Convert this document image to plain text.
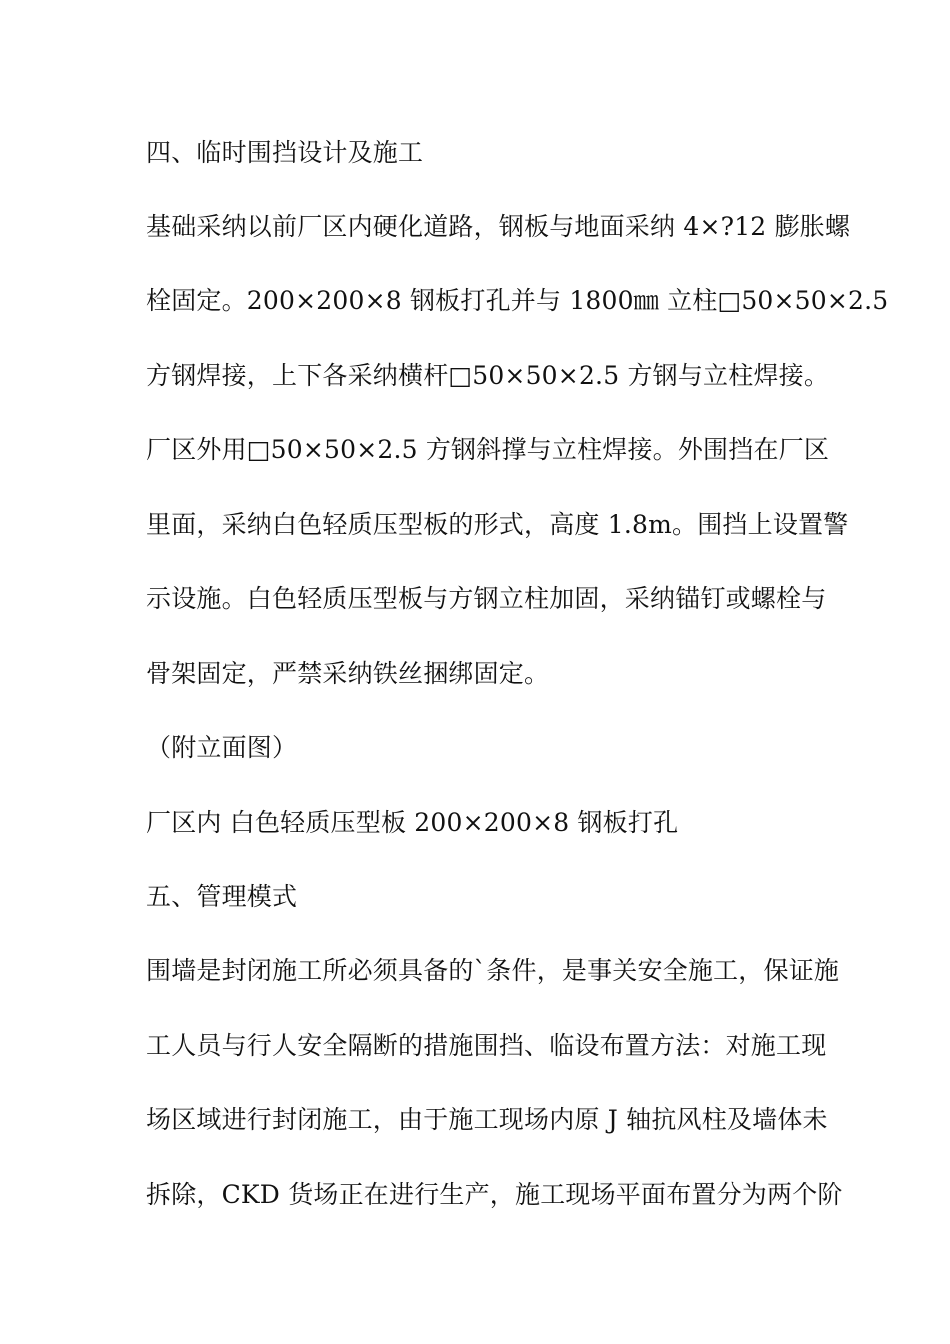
四、临时围挡设计及施工
基础采纳以前厂区内硬化道路，钢板与地面采纳 4×?12 膨胀螺
栓固定。200×200×8 钢板打孔并与 1800㎜ 立柱□50×50×2.5
方钢焊接，上下各采纳横杆□50×50×2.5 方钢与立柱焊接。
厂区外用□50×50×2.5 方钢斜撑与立柱焊接。外围挡在厂区
里面，采纳白色轻质压型板的形式，高度 1.8m。围挡上设置警
示设施。白色轻质压型板与方钢立柱加固，采纳锚钉或螺栓与
骨架固定，严禁采纳铁丝捆绑固定。
（附立面图）
厂区内 白色轻质压型板 200×200×8 钢板打孔
五、管理模式
围墙是封闭施工所必须具备的`条件，是事关安全施工，保证施
工人员与行人安全隔断的措施围挡、临设布置方法：对施工现
场区域进行封闭施工，由于施工现场内原 J 轴抗风柱及墙体未
拆除，CKD 货场正在进行生产，施工现场平面布置分为两个阶
